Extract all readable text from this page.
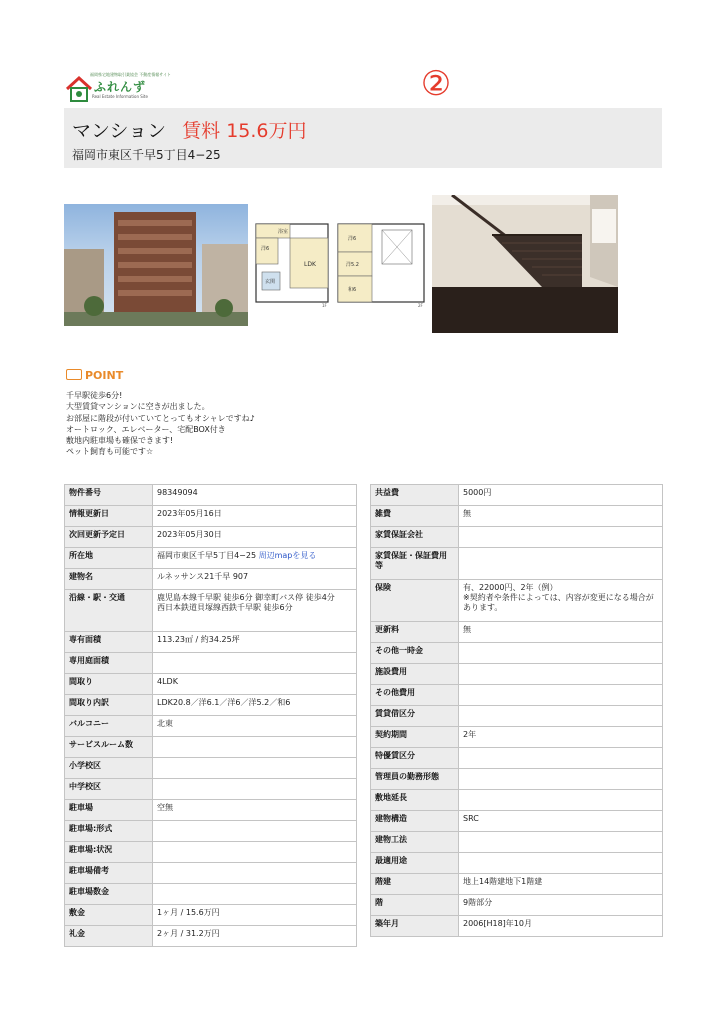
福岡県宅地建物取引業協会 不動産情報サイト
ふれんず
Real Estate Information Site	②
マンション 賃料 15.6万円
福岡市東区千早5丁目4−25
浴室
洋6
LDK
玄関
洋6
洋5.2
和6
1F	2F
POINT
千早駅徒歩6分!
大型賃貸マンションに空きが出ました。
お部屋に階段が付いていてとってもオシャレですね♪
オートロック、エレベーター、宅配BOX付き
敷地内駐車場も確保できます!
ペット飼育も可能です☆
物件番号	98349094
情報更新日	2023年05月16日
次回更新予定日	2023年05月30日
所在地	福岡市東区千早5丁目4−25 周辺mapを見る
建物名	ルネッサンス21千早 907
沿線・駅・交通	鹿児島本線千早駅 徒歩6分 御幸町バス停 徒歩4分
西日本鉄道貝塚線西鉄千早駅 徒歩6分
専有面積	113.23㎡ / 約34.25坪
専用庭面積	
間取り	4LDK
間取り内訳	LDK20.8／洋6.1／洋6／洋5.2／和6
バルコニー	北東
サービスルーム数	
小学校区	
中学校区	
駐車場	空無
駐車場:形式	
駐車場:状況	
駐車場備考	
駐車場数金	
敷金	1ヶ月 / 15.6万円
礼金	2ヶ月 / 31.2万円
共益費	5000円
雑費	無
家賃保証会社	
家賃保証・保証費用等	
保険	有、22000円、2年（例）
※契約者や条件によっては、内容が変更になる場合があります。
更新料	無
その他一時金	
施設費用	
その他費用	
賃貸借区分	
契約期間	2年
特優賃区分	
管理員の勤務形態	
敷地延長	
建物構造	SRC
建物工法	
最適用途	
階建	地上14階建地下1階建
階	9階部分
築年月	2006[H18]年10月
